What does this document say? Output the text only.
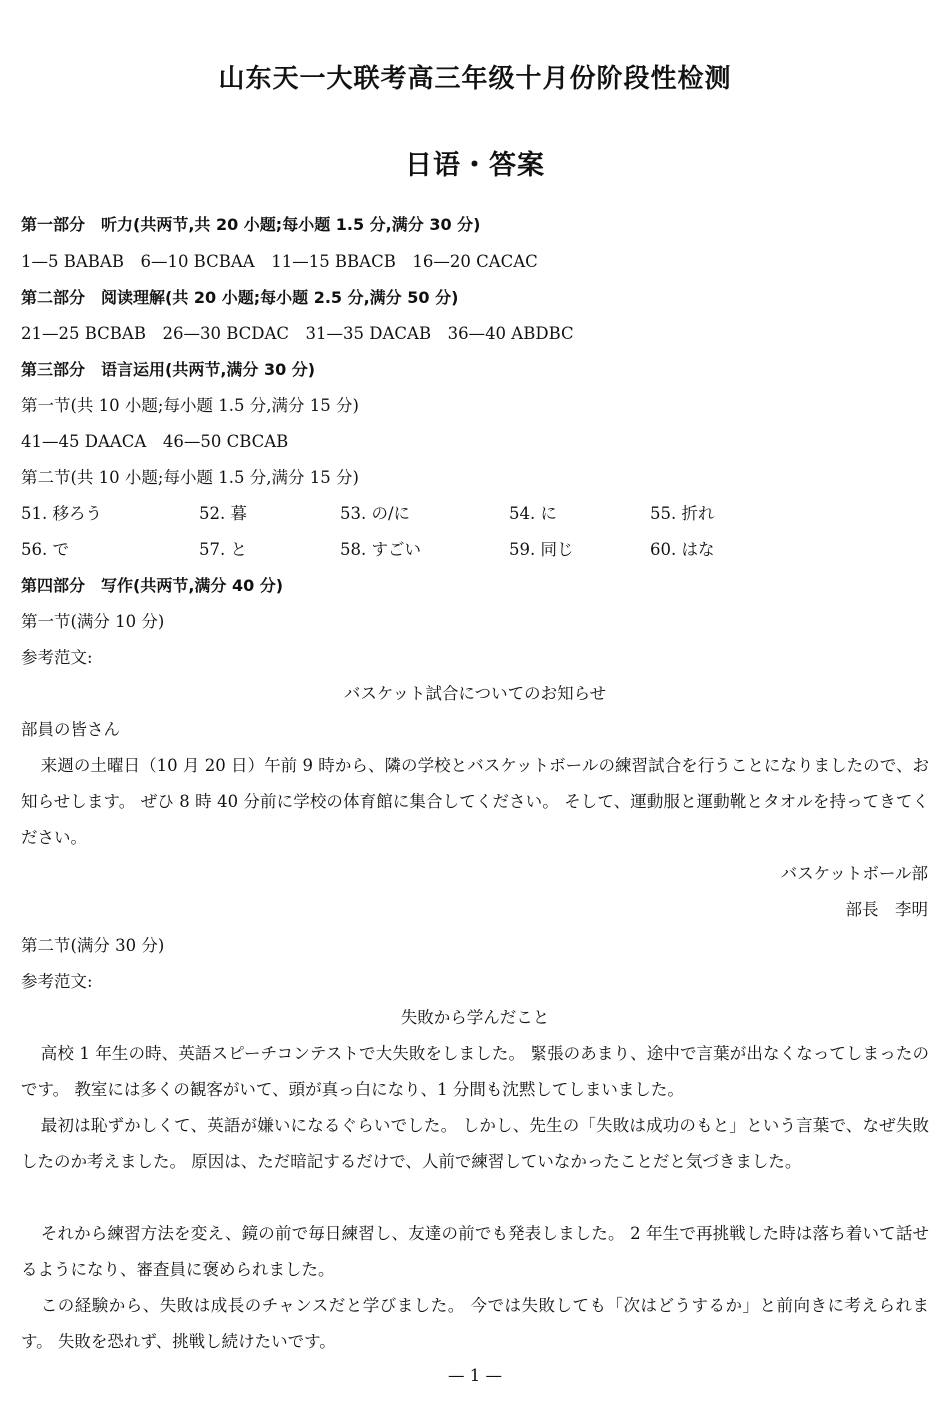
山东天一大联考高三年级十月份阶段性检测
日语・答案
第一部分　听力(共两节,共 20 小题;每小题 1.5 分,满分 30 分)
1—5 BABAB　6—10 BCBAA　11—15 BBACB　16—20 CACAC
第二部分　阅读理解(共 20 小题;每小题 2.5 分,满分 50 分)
21—25 BCBAB　26—30 BCDAC　31—35 DACAB　36—40 ABDBC
第三部分　语言运用(共两节,满分 30 分)
第一节(共 10 小题;每小题 1.5 分,满分 15 分)
41—45 DAACA　46—50 CBCAB
第二节(共 10 小题;每小题 1.5 分,满分 15 分)
51. 移ろう	52. 暮	53. の/に	54. に	55. 折れ
56. で	57. と	58. すごい	59. 同じ	60. はな
第四部分　写作(共两节,满分 40 分)
第一节(满分 10 分)
参考范文:
バスケット試合についてのお知らせ
部員の皆さん

来週の土曜日（10 月 20 日）午前 9 時から、隣の学校とバスケットボールの練習試合を行うことになりましたので、お知らせします。 ぜひ 8 時 40 分前に学校の体育館に集合してください。 そして、運動服と運動靴とタオルを持ってきてください。

バスケットボール部
部長　李明
第二节(满分 30 分)
参考范文:
失敗から学んだこと

高校 1 年生の時、英語スピーチコンテストで大失敗をしました。 緊張のあまり、途中で言葉が出なくなってしまったのです。 教室には多くの観客がいて、頭が真っ白になり、1 分間も沈黙してしまいました。

最初は恥ずかしくて、英語が嫌いになるぐらいでした。 しかし、先生の「失敗は成功のもと」という言葉で、なぜ失敗したのか考えました。 原因は、ただ暗記するだけで、人前で練習していなかったことだと気づきました。

それから練習方法を変え、鏡の前で毎日練習し、友達の前でも発表しました。 2 年生で再挑戦した時は落ち着いて話せるようになり、審査員に褒められました。

この経験から、失敗は成長のチャンスだと学びました。 今では失敗しても「次はどうするか」と前向きに考えられます。 失敗を恐れず、挑戦し続けたいです。

— 1 —
